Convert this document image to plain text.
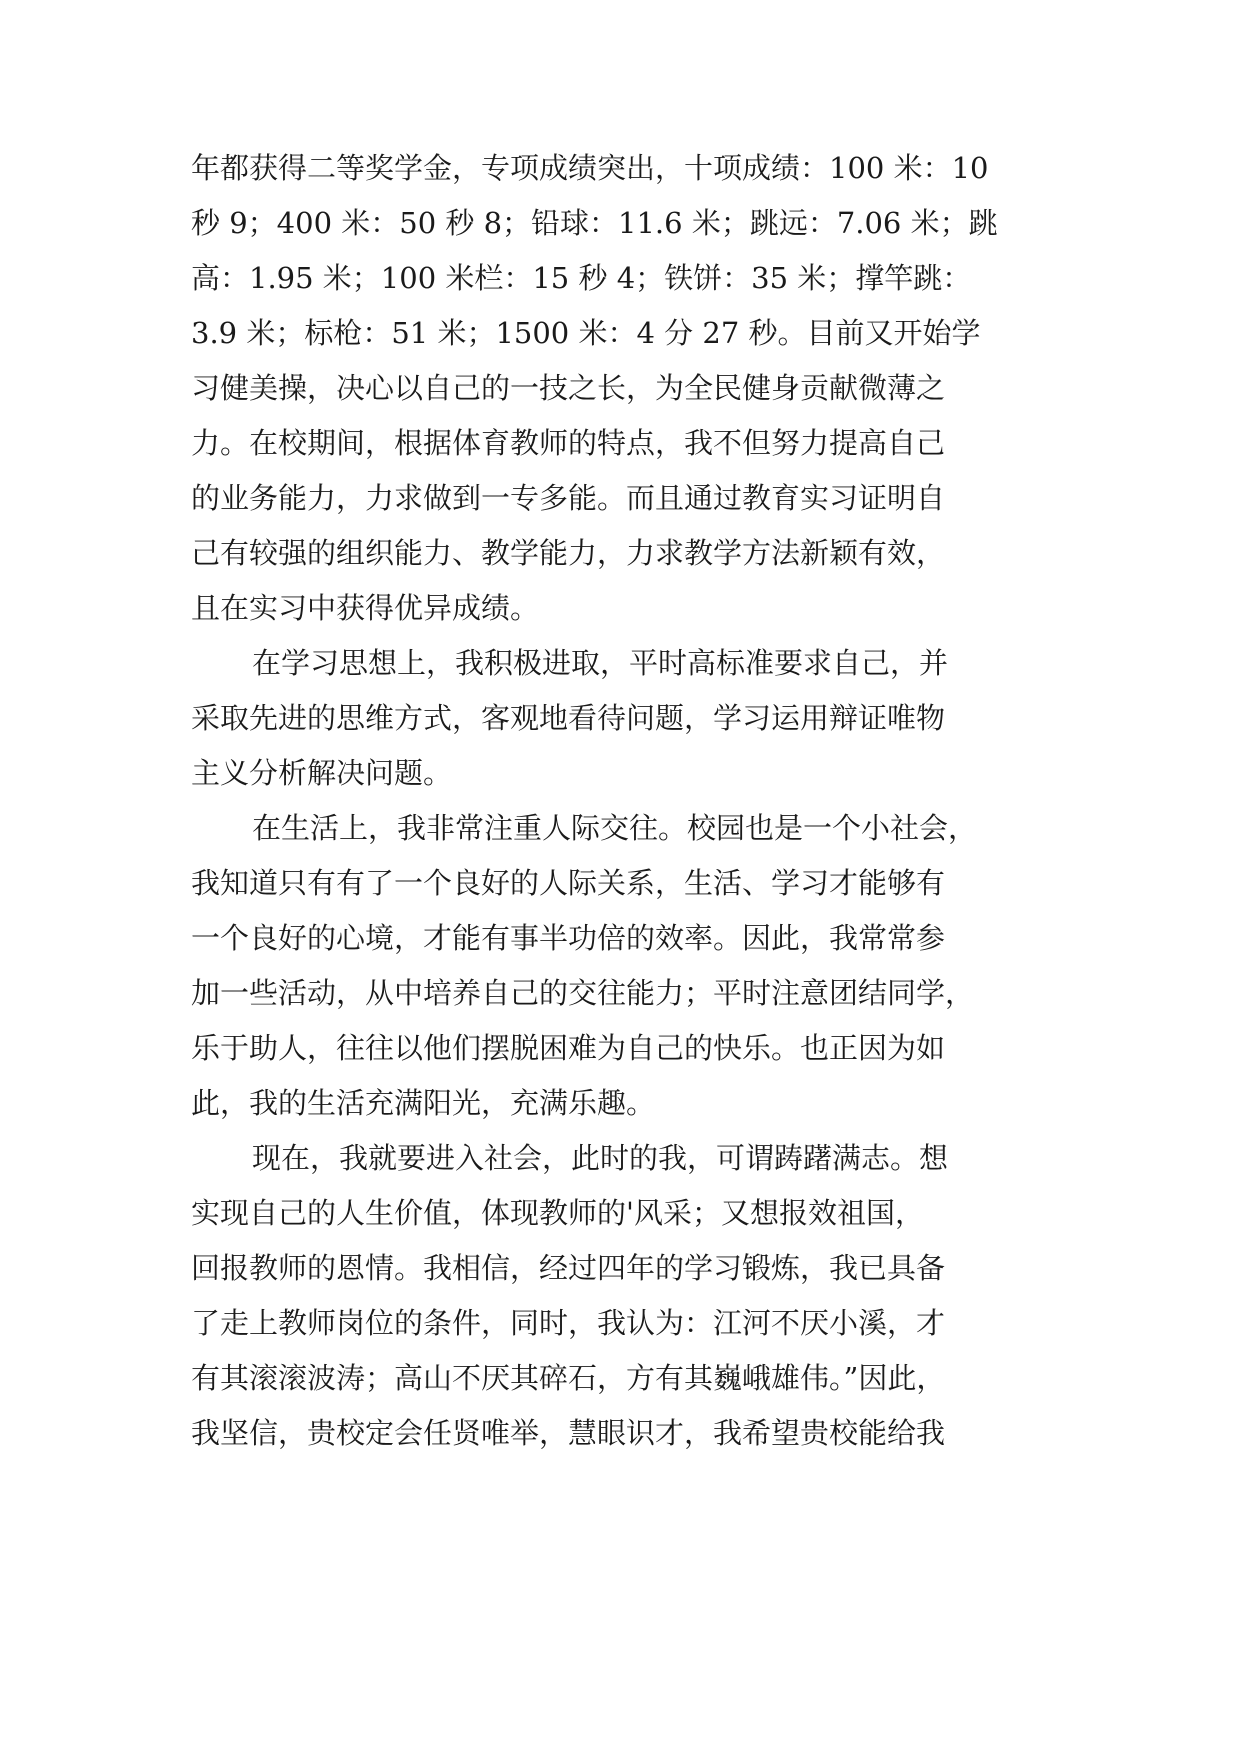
年都获得二等奖学金，专项成绩突出，十项成绩：100 米：10
秒 9；400 米：50 秒 8；铅球：11.6 米；跳远：7.06 米；跳
高：1.95 米；100 米栏：15 秒 4；铁饼：35 米；撑竿跳：
3.9 米；标枪：51 米；1500 米：4 分 27 秒。目前又开始学
习健美操，决心以自己的一技之长，为全民健身贡献微薄之
力。在校期间，根据体育教师的特点，我不但努力提高自己
的业务能力，力求做到一专多能。而且通过教育实习证明自
己有较强的组织能力、教学能力，力求教学方法新颖有效，
且在实习中获得优异成绩。
在学习思想上，我积极进取，平时高标准要求自己，并
采取先进的思维方式，客观地看待问题，学习运用辩证唯物
主义分析解决问题。
在生活上，我非常注重人际交往。校园也是一个小社会，
我知道只有有了一个良好的人际关系，生活、学习才能够有
一个良好的心境，才能有事半功倍的效率。因此，我常常参
加一些活动，从中培养自己的交往能力；平时注意团结同学，
乐于助人，往往以他们摆脱困难为自己的快乐。也正因为如
此，我的生活充满阳光，充满乐趣。
现在，我就要进入社会，此时的我，可谓踌躇满志。想
实现自己的人生价值，体现教师的'风采；又想报效祖国，
回报教师的恩情。我相信，经过四年的学习锻炼，我已具备
了走上教师岗位的条件，同时，我认为：江河不厌小溪，才
有其滚滚波涛；高山不厌其碎石，方有其巍峨雄伟。”因此，
我坚信，贵校定会任贤唯举，慧眼识才，我希望贵校能给我
